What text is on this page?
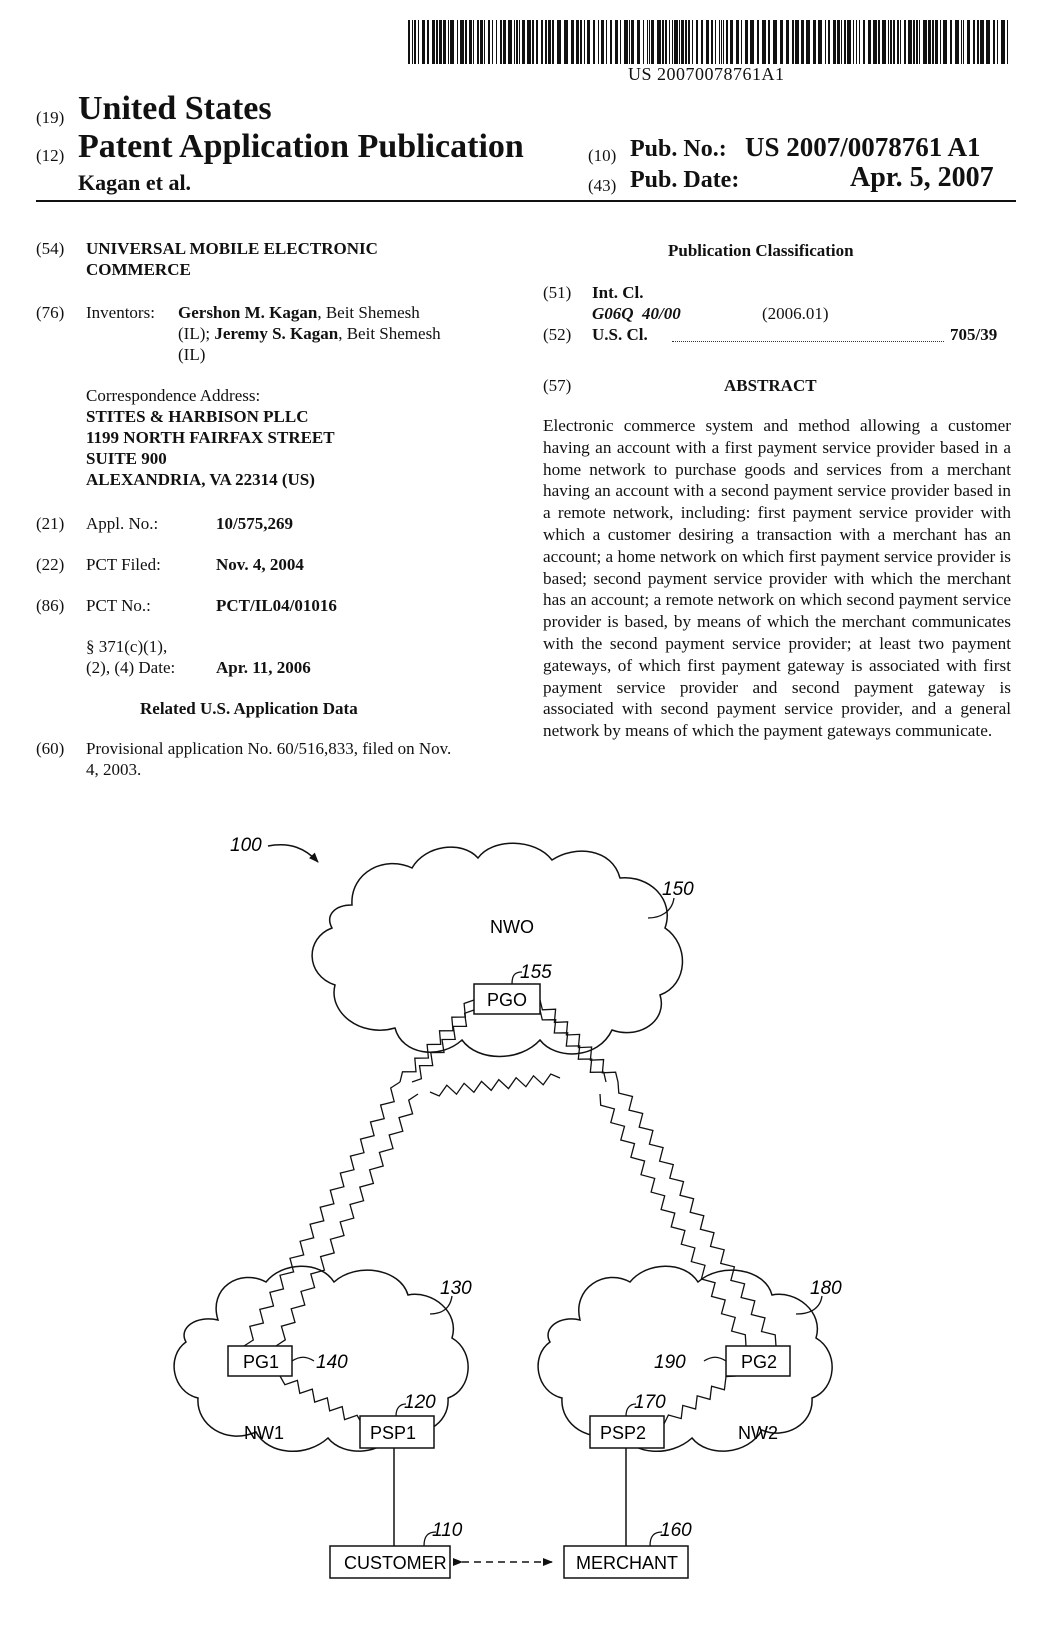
US 20070078761A1
(19) United States
(12) Patent Application Publication
Kagan et al.
(10) Pub. No.: US 2007/0078761 A1
(43) Pub. Date:	Apr. 5, 2007
(54) UNIVERSAL MOBILE ELECTRONIC
COMMERCE
(76) Inventors: Gershon M. Kagan, Beit Shemesh
(IL); Jeremy S. Kagan, Beit Shemesh
(IL)
Correspondence Address:
STITES & HARBISON PLLC
1199 NORTH FAIRFAX STREET
SUITE 900
ALEXANDRIA, VA 22314 (US)
(21) Appl. No.:	10/575,269
(22) PCT Filed:	Nov. 4, 2004
(86) PCT No.:	PCT/IL04/01016
§ 371(c)(1),
(2), (4) Date: Apr. 11, 2006
Related U.S. Application Data
(60) Provisional application No. 60/516,833, filed on Nov.
4, 2003.
Publication Classification
(51) Int. Cl.
G06Q  40/00	(2006.01)
(52) U.S. Cl.	705/39
(57)	ABSTRACT
Electronic commerce system and method allowing a customer having an account with a first payment service provider based in a home network to purchase goods and services from a merchant having an account with a second payment service provider based in a remote network, including: first payment service provider with which a customer desiring a transaction with a merchant has an account; a home network on which first payment service provider is based; second payment service provider with which the merchant has an account; a remote network on which second payment service provider is based, by means of which the merchant communicates with the second payment service provider; at least two payment gateways, of which first payment gateway is associated with first payment service provider and second payment gateway is associated with second payment service provider, and a general network by means of which the payment gateways communicate.
100
150
NWO
155
PGO
130	180
PG1 140	190	PG2
120
NW1	PSP1
170
PSP2	NW2
110
CUSTOMER
160
MERCHANT
